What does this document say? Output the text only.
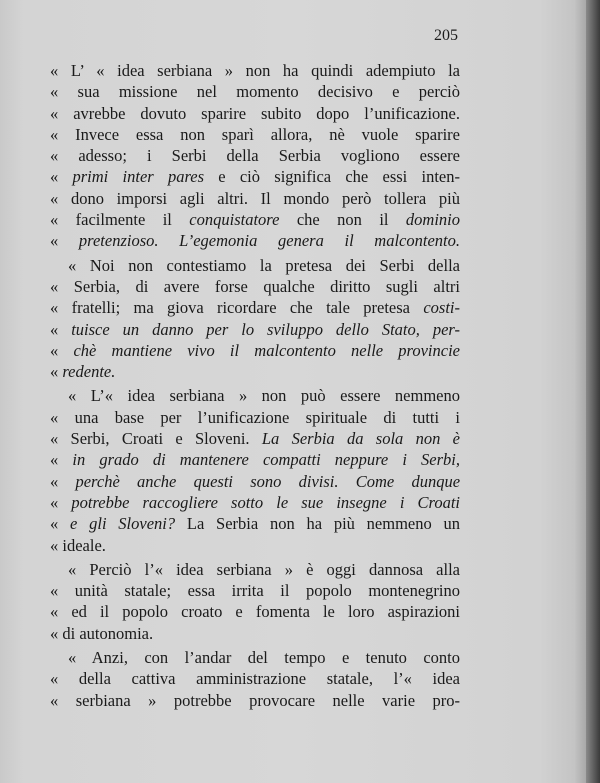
205
« L’ « idea serbiana » non ha quindi adempiuto la
« sua missione nel momento decisivo e perciò
« avrebbe dovuto sparire subito dopo l’unificazione.
« Invece essa non sparì allora, nè vuole sparire
« adesso; i Serbi della Serbia vogliono essere
« primi inter pares e ciò significa che essi inten-
« dono imporsi agli altri. Il mondo però tollera più
« facilmente il conquistatore che non il dominio
« pretenzioso. L’egemonia genera il malcontento.
« Noi non contestiamo la pretesa dei Serbi della
« Serbia, di avere forse qualche diritto sugli altri
« fratelli; ma giova ricordare che tale pretesa costi-
« tuisce un danno per lo sviluppo dello Stato, per-
« chè mantiene vivo il malcontento nelle provincie
« redente.
« L’« idea serbiana » non può essere nemmeno
« una base per l’unificazione spirituale di tutti i
« Serbi, Croati e Sloveni. La Serbia da sola non è
« in grado di mantenere compatti neppure i Serbi,
« perchè anche questi sono divisi. Come dunque
« potrebbe raccogliere sotto le sue insegne i Croati
« e gli Sloveni? La Serbia non ha più nemmeno un
« ideale.
« Perciò l’« idea serbiana » è oggi dannosa alla
« unità statale; essa irrita il popolo montenegrino
« ed il popolo croato e fomenta le loro aspirazioni
« di autonomia.
« Anzi, con l’andar del tempo e tenuto conto
« della cattiva amministrazione statale, l’« idea
« serbiana » potrebbe provocare nelle varie pro-
